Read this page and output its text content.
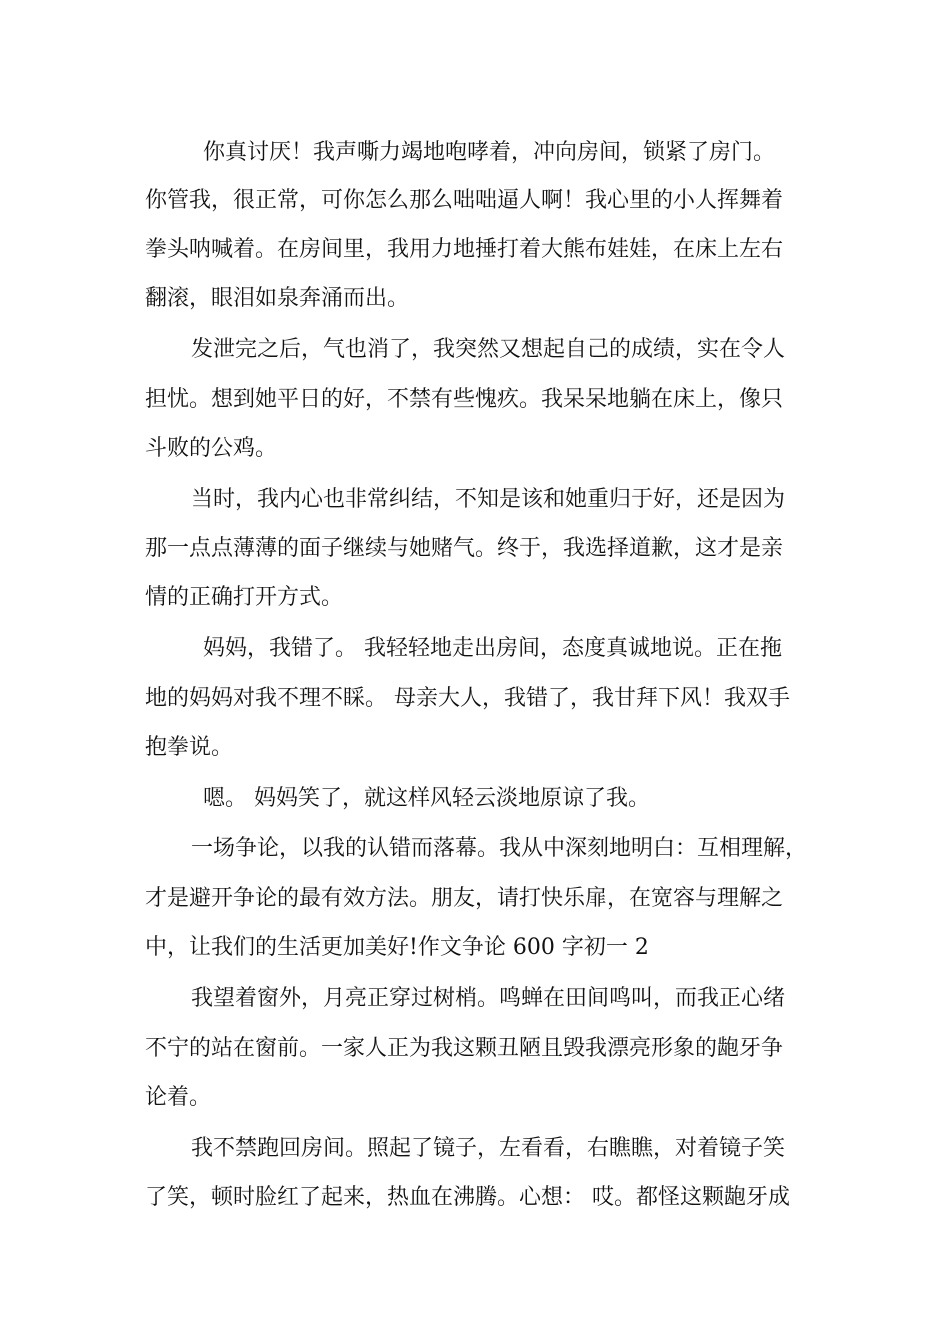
你真讨厌！我声嘶力竭地咆哮着，冲向房间，锁紧了房门。
你管我，很正常，可你怎么那么咄咄逼人啊！我心里的小人挥舞着
拳头呐喊着。在房间里，我用力地捶打着大熊布娃娃，在床上左右
翻滚，眼泪如泉奔涌而出。
发泄完之后，气也消了，我突然又想起自己的成绩，实在令人
担忧。想到她平日的好，不禁有些愧疚。我呆呆地躺在床上，像只
斗败的公鸡。
当时，我内心也非常纠结，不知是该和她重归于好，还是因为
那一点点薄薄的面子继续与她赌气。终于，我选择道歉，这才是亲
情的正确打开方式。
妈妈，我错了。 我轻轻地走出房间，态度真诚地说。正在拖
地的妈妈对我不理不睬。 母亲大人，我错了，我甘拜下风！我双手
抱拳说。
嗯。 妈妈笑了，就这样风轻云淡地原谅了我。
一场争论，以我的认错而落幕。我从中深刻地明白：互相理解，
才是避开争论的最有效方法。朋友，请打快乐扉，在宽容与理解之
中，让我们的生活更加美好!作文争论 600 字初一 2
我望着窗外，月亮正穿过树梢。鸣蝉在田间鸣叫，而我正心绪
不宁的站在窗前。一家人正为我这颗丑陋且毁我漂亮形象的龅牙争
论着。
我不禁跑回房间。照起了镜子，左看看，右瞧瞧，对着镜子笑
了笑，顿时脸红了起来，热血在沸腾。心想： 哎。都怪这颗龅牙成
